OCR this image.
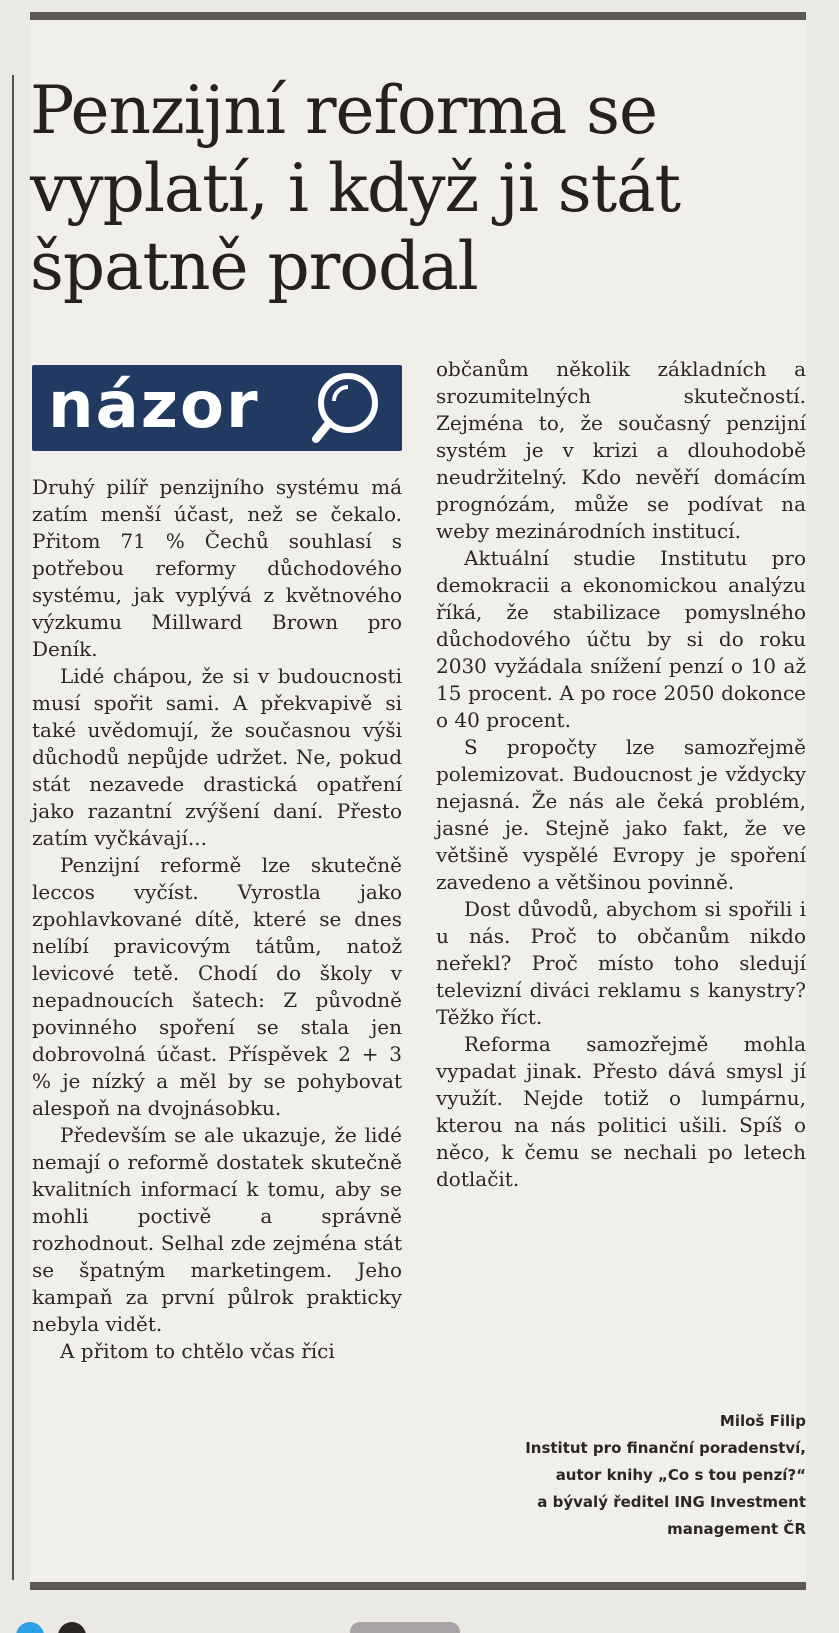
Penzijní reforma se vyplatí, i když ji stát špatně prodal
názor

Druhý pilíř penzijního systému má zatím menší účast, než se čekalo. Přitom 71 % Čechů souhlasí s potřebou reformy důchodového systému, jak vyplývá z květnového výzkumu Millward Brown pro Deník.

Lidé chápou, že si v budoucnosti musí spořit sami. A překvapivě si také uvědomují, že současnou výši důchodů nepůjde udržet. Ne, pokud stát nezavede drastická opatření jako razantní zvýšení daní. Přesto zatím vyčkávají...

Penzijní reformě lze skutečně leccos vyčíst. Vyrostla jako zpohlavkované dítě, které se dnes nelíbí pravicovým tátům, natož levicové tetě. Chodí do školy v nepadnoucích šatech: Z původně povinného spoření se stala jen dobrovolná účast. Příspěvek 2 + 3 % je nízký a měl by se pohybovat alespoň na dvojnásobku.

Především se ale ukazuje, že lidé nemají o reformě dostatek skutečně kvalitních informací k tomu, aby se mohli poctivě a správně rozhodnout. Selhal zde zejména stát se špatným marketingem. Jeho kampaň za první půlrok prakticky nebyla vidět.

A přitom to chtělo včas říci

občanům několik základních a srozumitelných skutečností. Zejména to, že současný penzijní systém je v krizi a dlouhodobě neudržitelný. Kdo nevěří domácím prognózám, může se podívat na weby mezinárodních institucí.

Aktuální studie Institutu pro demokracii a ekonomickou analýzu říká, že stabilizace pomyslného důchodového účtu by si do roku 2030 vyžádala snížení penzí o 10 až 15 procent. A po roce 2050 dokonce o 40 procent.

S propočty lze samozřejmě polemizovat. Budoucnost je vždycky nejasná. Že nás ale čeká problém, jasné je. Stejně jako fakt, že ve většině vyspělé Evropy je spoření zavedeno a většinou povinně.

Dost důvodů, abychom si spořili i u nás. Proč to občanům nikdo neřekl? Proč místo toho sledují televizní diváci reklamu s kanystry? Těžko říct.

Reforma samozřejmě mohla vypadat jinak. Přesto dává smysl jí využít. Nejde totiž o lumpárnu, kterou na nás politici ušili. Spíš o něco, k čemu se nechali po letech dotlačit.

Miloš Filip
Institut pro finanční poradenství,
autor knihy „Co s tou penzí?“
a bývalý ředitel ING Investment
management ČR
